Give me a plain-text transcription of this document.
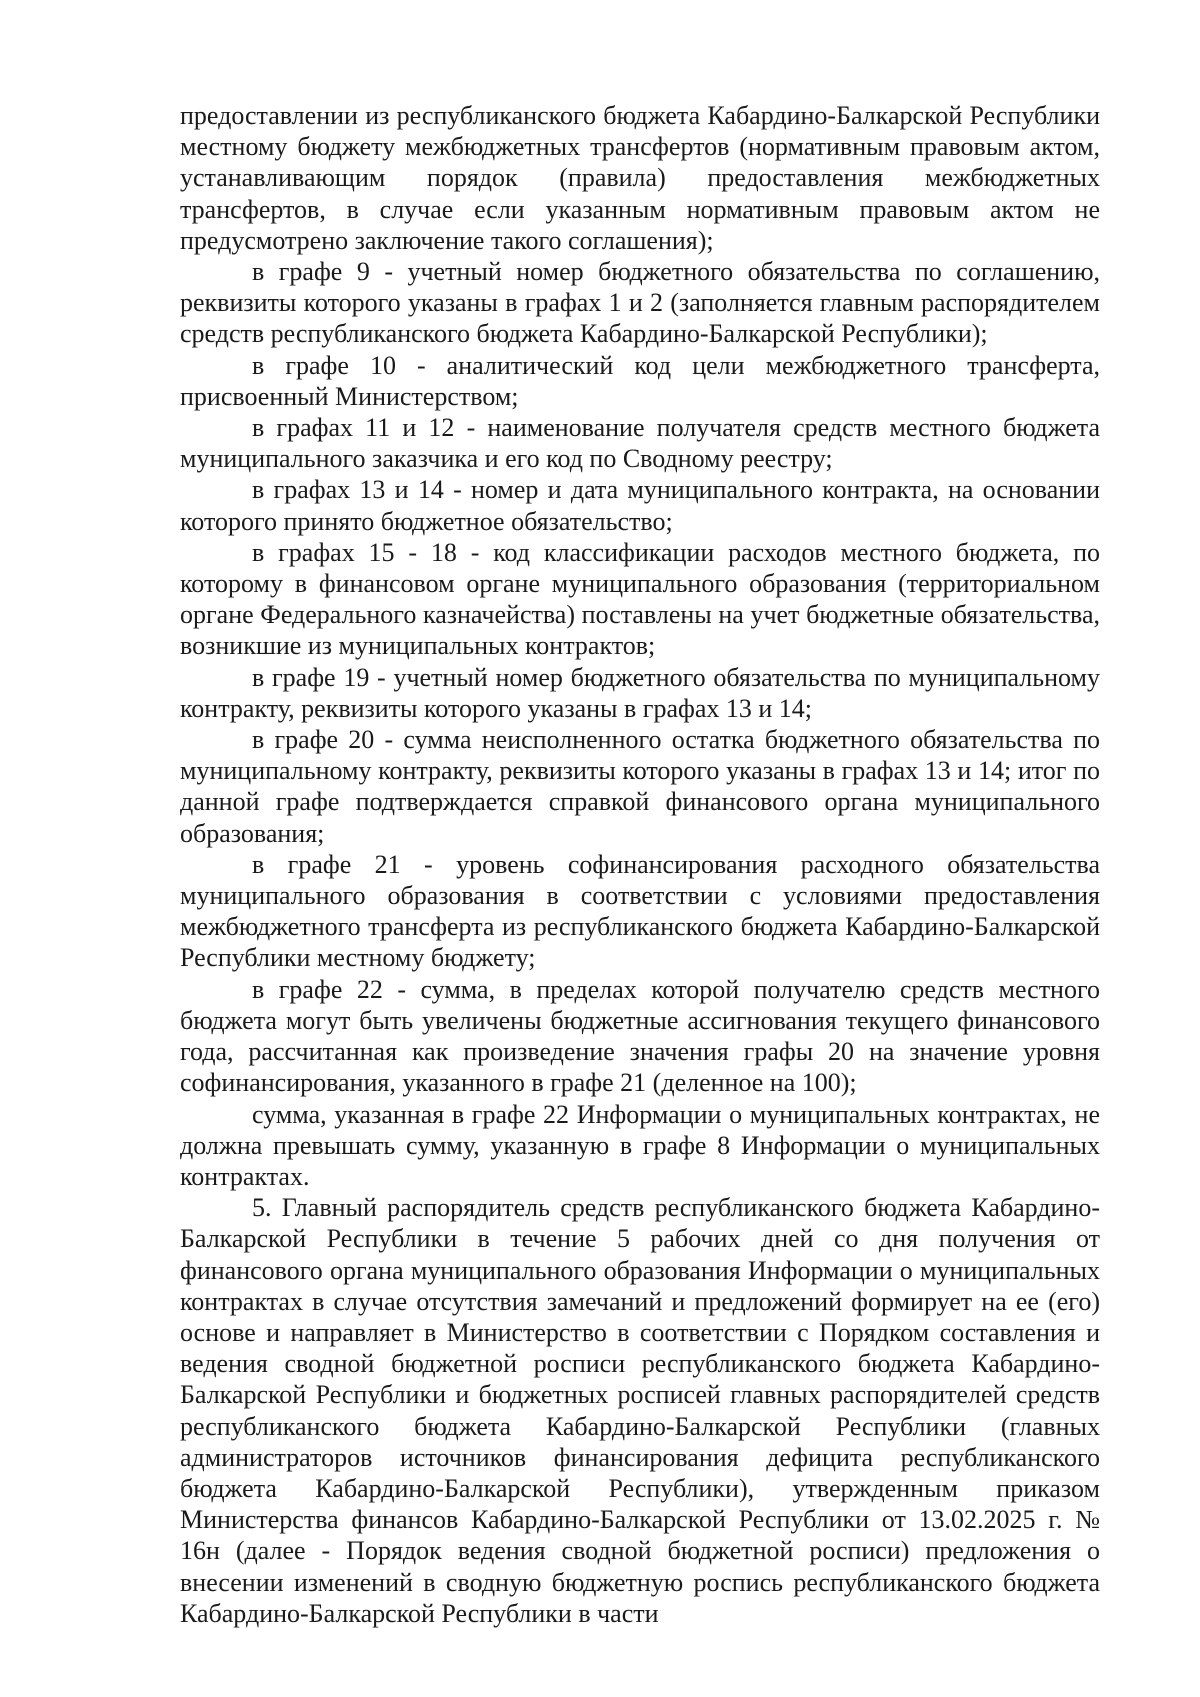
предоставлении из республиканского бюджета Кабардино-Балкарской Республики местному бюджету межбюджетных трансфертов (нормативным правовым актом, устанавливающим порядок (правила) предоставления межбюджетных трансфертов, в случае если указанным нормативным правовым актом не предусмотрено заключение такого соглашения);

в графе 9 - учетный номер бюджетного обязательства по соглашению, реквизиты которого указаны в графах 1 и 2 (заполняется главным распорядителем средств республиканского бюджета Кабардино-Балкарской Республики);

в графе 10 - аналитический код цели межбюджетного трансферта, присвоенный Министерством;

в графах 11 и 12 - наименование получателя средств местного бюджета муниципального заказчика и его код по Сводному реестру;

в графах 13 и 14 - номер и дата муниципального контракта, на основании которого принято бюджетное обязательство;

в графах 15 - 18 - код классификации расходов местного бюджета, по которому в финансовом органе муниципального образования (территориальном органе Федерального казначейства) поставлены на учет бюджетные обязательства, возникшие из муниципальных контрактов;

в графе 19 - учетный номер бюджетного обязательства по муниципальному контракту, реквизиты которого указаны в графах 13 и 14;

в графе 20 - сумма неисполненного остатка бюджетного обязательства по муниципальному контракту, реквизиты которого указаны в графах 13 и 14; итог по данной графе подтверждается справкой финансового органа муниципального образования;

в графе 21 - уровень софинансирования расходного обязательства муниципального образования в соответствии с условиями предоставления межбюджетного трансферта из республиканского бюджета Кабардино-Балкарской Республики местному бюджету;

в графе 22 - сумма, в пределах которой получателю средств местного бюджета могут быть увеличены бюджетные ассигнования текущего финансового года, рассчитанная как произведение значения графы 20 на значение уровня софинансирования, указанного в графе 21 (деленное на 100);

сумма, указанная в графе 22 Информации о муниципальных контрактах, не должна превышать сумму, указанную в графе 8 Информации о муниципальных контрактах.

5. Главный распорядитель средств республиканского бюджета Кабардино-Балкарской Республики в течение 5 рабочих дней со дня получения от финансового органа муниципального образования Информации о муниципальных контрактах в случае отсутствия замечаний и предложений формирует на ее (его) основе и направляет в Министерство в соответствии с Порядком составления и ведения сводной бюджетной росписи республиканского бюджета Кабардино-Балкарской Республики и бюджетных росписей главных распорядителей средств республиканского бюджета Кабардино-Балкарской Республики (главных администраторов источников финансирования дефицита республиканского бюджета Кабардино-Балкарской Республики), утвержденным приказом Министерства финансов Кабардино-Балкарской Республики от 13.02.2025 г. № 16н (далее - Порядок ведения сводной бюджетной росписи) предложения о внесении изменений в сводную бюджетную роспись республиканского бюджета Кабардино-Балкарской Республики в части
